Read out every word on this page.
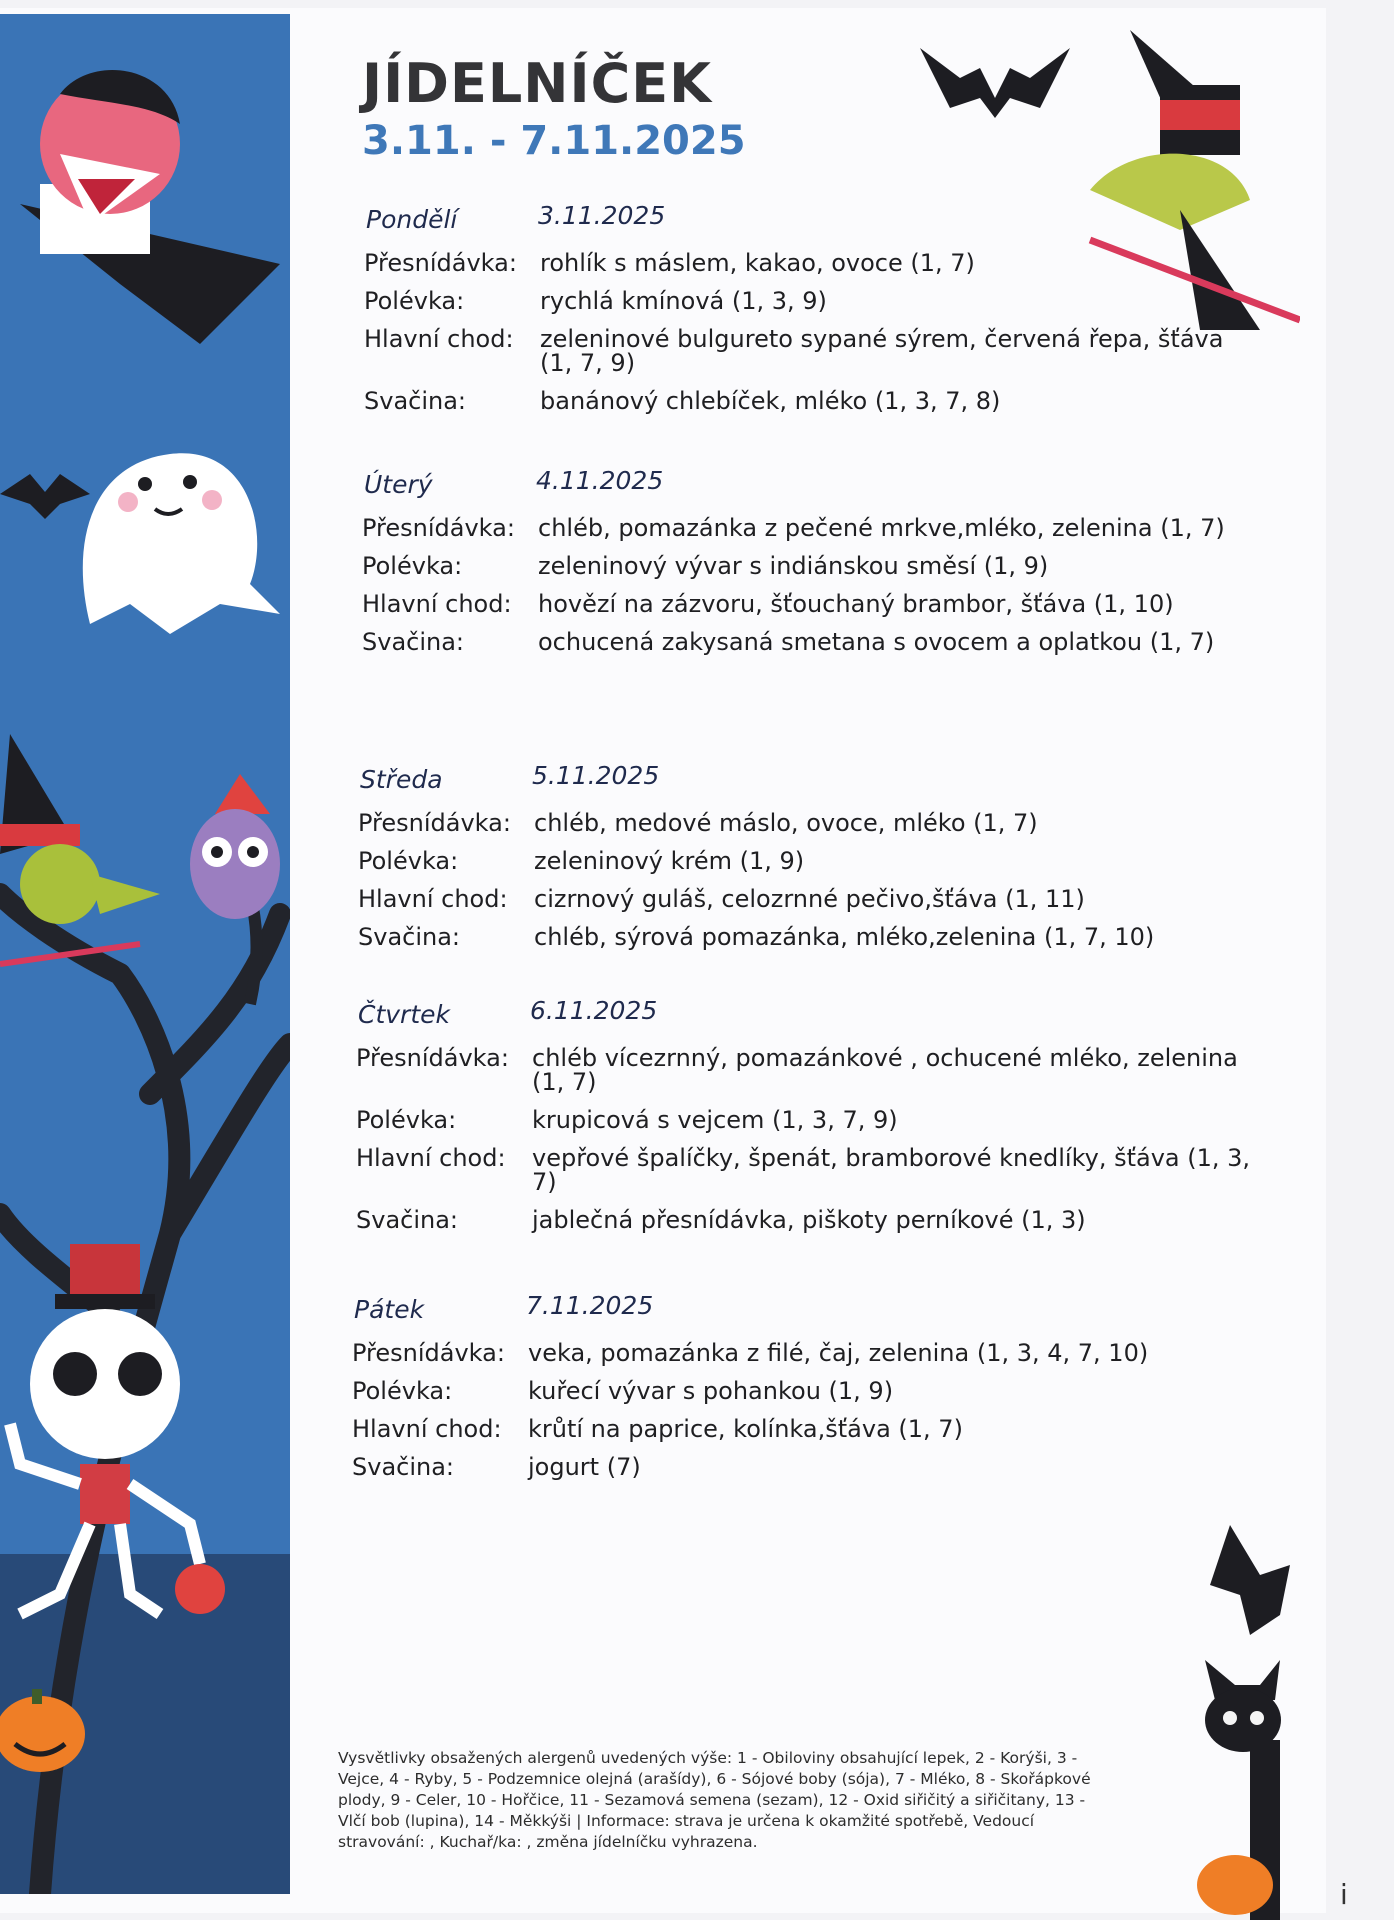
JÍDELNÍČEK
3.11. - 7.11.2025
Pondělí	3.11.2025
Přesnídávka: rohlík s máslem, kakao, ovoce (1, 7)
Polévka:	rychlá kmínová (1, 3, 9)
Hlavní chod:	zeleninové bulgureto sypané sýrem, červená řepa, šťáva (1, 7, 9)
Svačina:	banánový chlebíček, mléko (1, 3, 7, 8)
Úterý	4.11.2025
Přesnídávka: chléb, pomazánka z pečené mrkve,mléko, zelenina (1, 7)
Polévka:	zeleninový vývar s indiánskou směsí (1, 9)
Hlavní chod:	hovězí na zázvoru, šťouchaný brambor, šťáva (1, 10)
Svačina:	ochucená zakysaná smetana s ovocem a oplatkou (1, 7)
Středa	5.11.2025
Přesnídávka: chléb, medové máslo, ovoce, mléko (1, 7)
Polévka:	zeleninový krém (1, 9)
Hlavní chod:	cizrnový guláš, celozrnné pečivo,šťáva (1, 11)
Svačina:	chléb, sýrová pomazánka, mléko,zelenina (1, 7, 10)
Čtvrtek	6.11.2025
Přesnídávka: chléb vícezrnný, pomazánkové , ochucené mléko, zelenina (1, 7)
Polévka:	krupicová s vejcem (1, 3, 7, 9)
Hlavní chod:	vepřové špalíčky, špenát, bramborové knedlíky, šťáva (1, 3, 7)
Svačina:	jablečná přesnídávka, piškoty perníkové (1, 3)
Pátek	7.11.2025
Přesnídávka: veka, pomazánka z filé, čaj, zelenina (1, 3, 4, 7, 10)
Polévka:	kuřecí vývar s pohankou (1, 9)
Hlavní chod:	krůtí na paprice, kolínka,šťáva (1, 7)
Svačina:	jogurt (7)

Vysvětlivky obsažených alergenů uvedených výše: 1 - Obiloviny obsahující lepek, 2 - Korýši, 3 - Vejce, 4 - Ryby, 5 - Podzemnice olejná (arašídy), 6 - Sójové boby (sója), 7 - Mléko, 8 - Skořápkové plody, 9 - Celer, 10 - Hořčice, 11 - Sezamová semena (sezam), 12 - Oxid siřičitý a siřičitany, 13 - Vlčí bob (lupina), 14 - Měkkýši | Informace: strava je určena k okamžité spotřebě, Vedoucí stravování: , Kuchař/ka: , změna jídelníčku vyhrazena.

i
